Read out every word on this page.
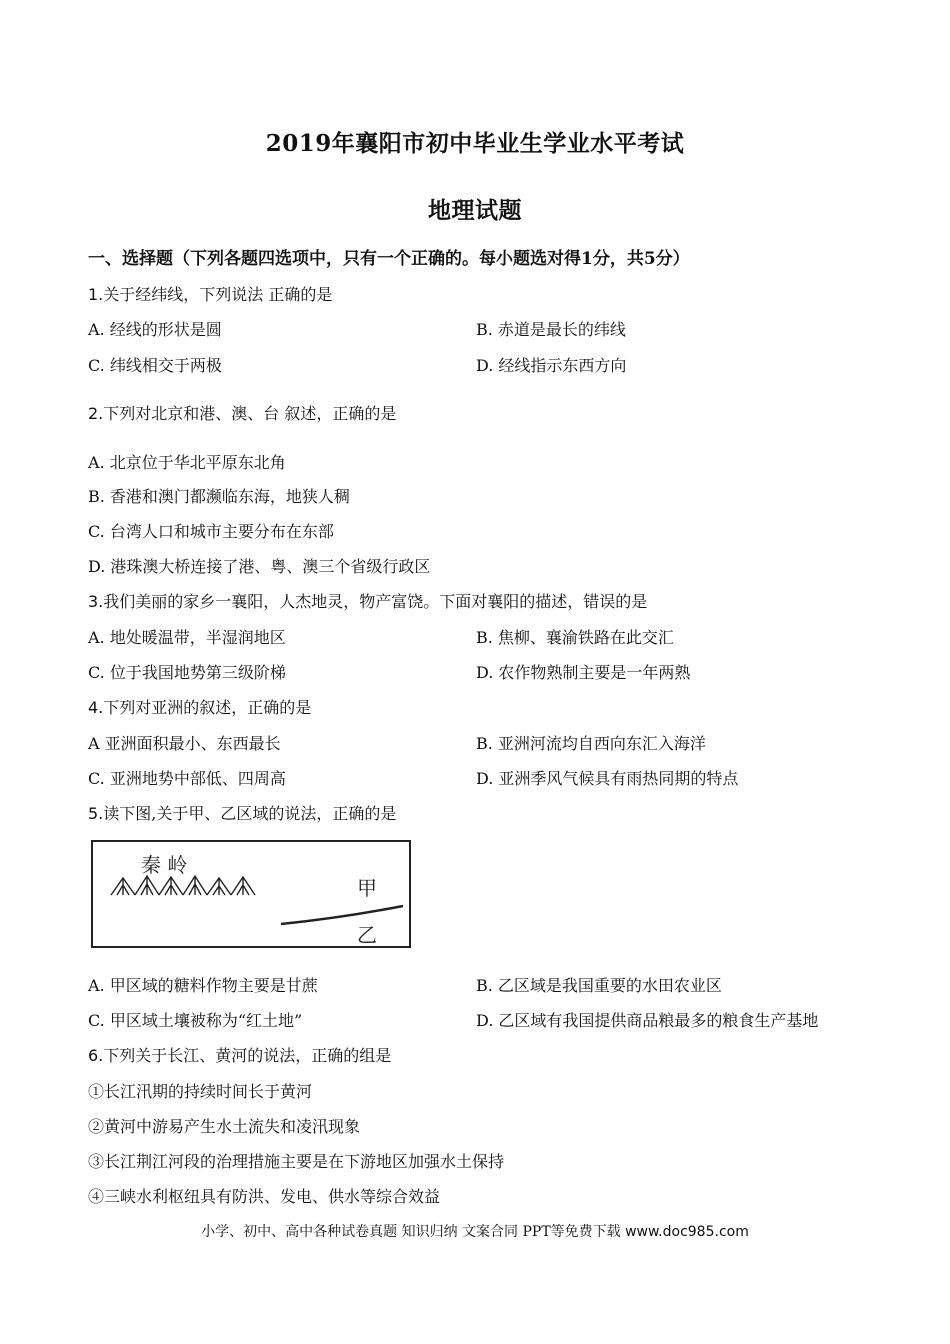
2019年襄阳市初中毕业生学业水平考试
地理试题
一、选择题（下列各题四选项中，只有一个正确的。每小题选对得1分，共5分）
1.关于经纬线，下列说法 正确的是
A. 经线的形状是圆	B. 赤道是最长的纬线
C. 纬线相交于两极	D. 经线指示东西方向
2.下列对北京和港、澳、台 叙述，正确的是
A. 北京位于华北平原东北角
B. 香港和澳门都濒临东海，地狭人稠
C. 台湾人口和城市主要分布在东部
D. 港珠澳大桥连接了港、粤、澳三个省级行政区
3.我们美丽的家乡一襄阳，人杰地灵，物产富饶。下面对襄阳的描述，错误的是
A. 地处暖温带，半湿润地区	B. 焦柳、襄渝铁路在此交汇
C. 位于我国地势第三级阶梯	D. 农作物熟制主要是一年两熟
4.下列对亚洲的叙述，正确的是
A 亚洲面积最小、东西最长	B. 亚洲河流均自西向东汇入海洋
C. 亚洲地势中部低、四周高	D. 亚洲季风气候具有雨热同期的特点
5.读下图,关于甲、乙区域的说法，正确的是
秦 岭
甲
乙
A. 甲区域的糖料作物主要是甘蔗	B. 乙区域是我国重要的水田农业区
C. 甲区域土壤被称为“红土地”	D. 乙区域有我国提供商品粮最多的粮食生产基地
6.下列关于长江、黄河的说法，正确的组是
①长江汛期的持续时间长于黄河
②黄河中游易产生水土流失和凌汛现象
③长江荆江河段的治理措施主要是在下游地区加强水土保持
④三峡水利枢纽具有防洪、发电、供水等综合效益
小学、初中、高中各种试卷真题 知识归纳 文案合同 PPT等免费下载 www.doc985.com
